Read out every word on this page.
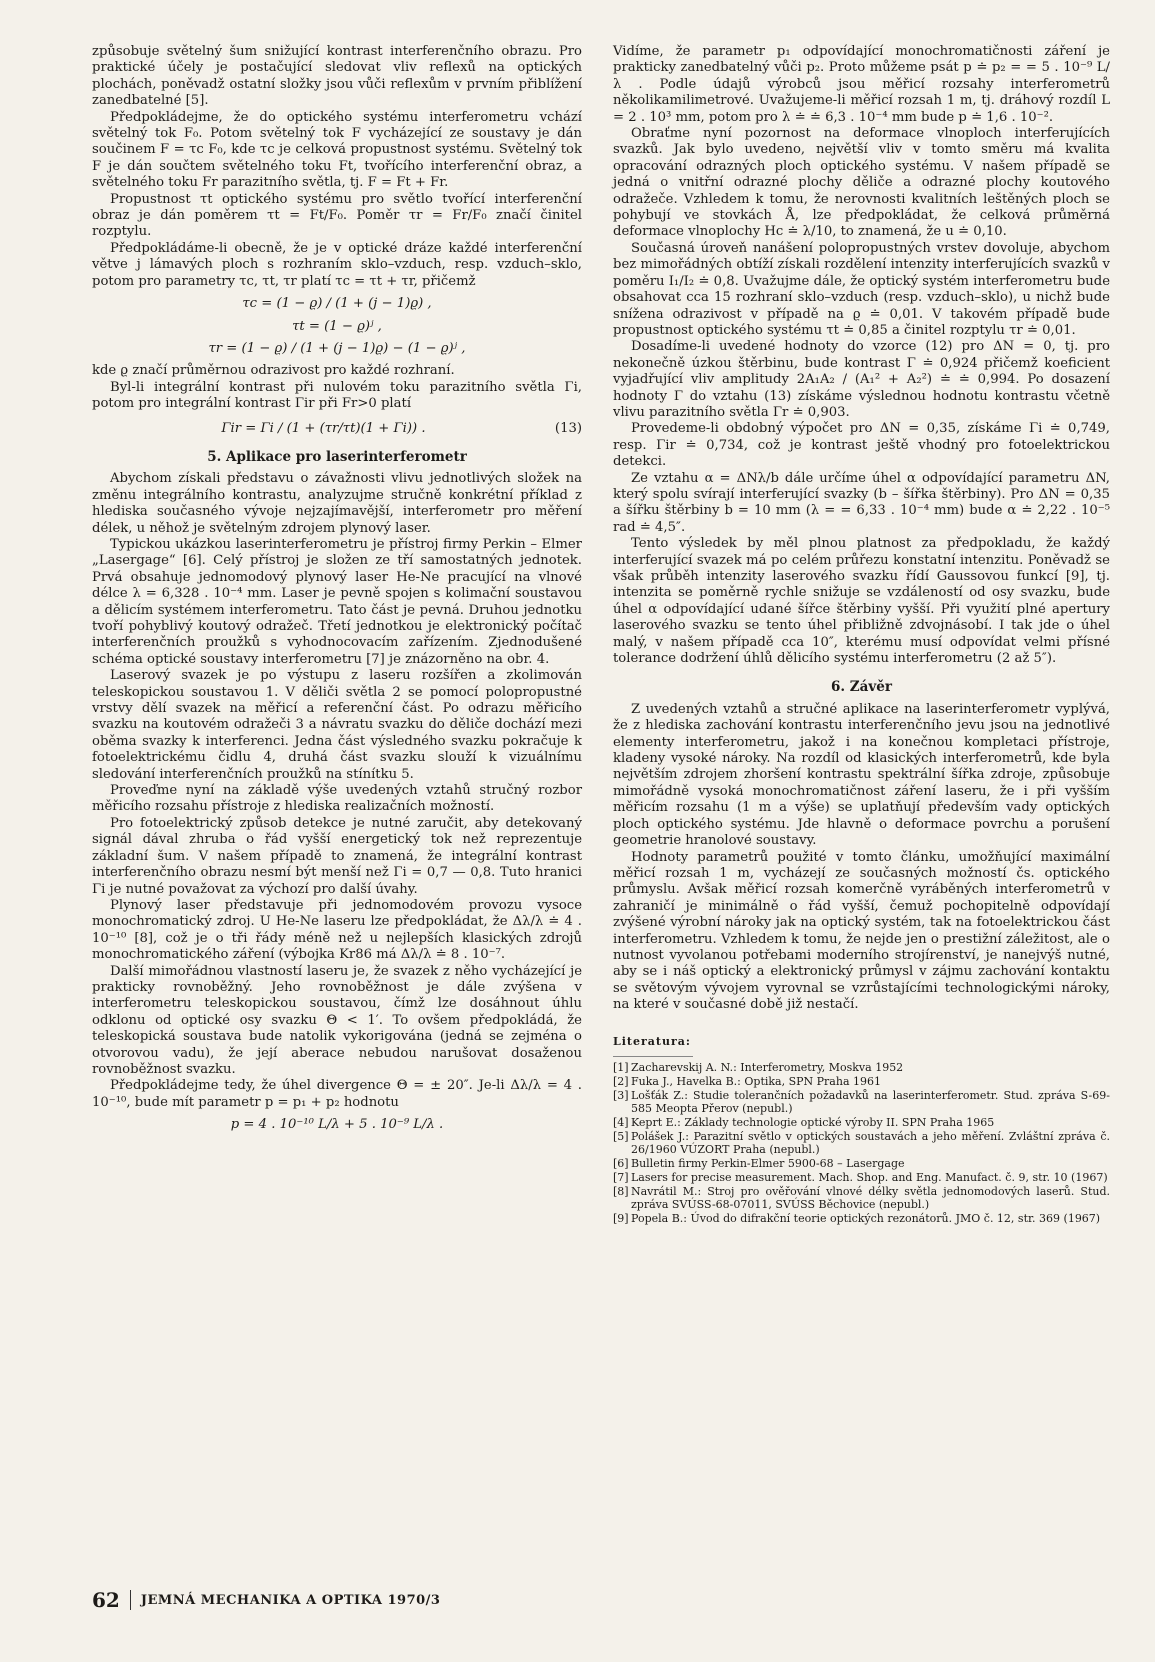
způsobuje světelný šum snižující kontrast interferenčního obrazu. Pro praktické účely je postačující sledovat vliv reflexů na optických plochách, poněvadž ostatní složky jsou vůči reflexům v prvním přiblížení zanedbatelné [5].

Předpokládejme, že do optického systému interferometru vchází světelný tok F₀. Potom světelný tok F vycházející ze soustavy je dán součinem F = τc F₀, kde τc je celková propustnost systému. Světelný tok F je dán součtem světelného toku Ft, tvořícího interferenční obraz, a světelného toku Fr parazitního světla, tj. F = Ft + Fr.

Propustnost τt optického systému pro světlo tvořící interferenční obraz je dán poměrem τt = Ft/F₀. Poměr τr = Fr/F₀ značí činitel rozptylu.

Předpokládáme-li obecně, že je v optické dráze každé interferenční větve j lámavých ploch s rozhraním sklo–vzduch, resp. vzduch–sklo, potom pro parametry τc, τt, τr platí τc = τt + τr, přičemž

τc = (1 − ϱ) / (1 + (j − 1)ϱ) ,
τt = (1 − ϱ)ʲ ,
τr = (1 − ϱ) / (1 + (j − 1)ϱ) − (1 − ϱ)ʲ ,

kde ϱ značí průměrnou odrazivost pro každé rozhraní.

Byl-li integrální kontrast při nulovém toku parazitního světla Γi, potom pro integrální kontrast Γir při Fr>0 platí

Γir = Γi / (1 + (τr/τt)(1 + Γi)) .	(13)
5. Aplikace pro laserinterferometr

Abychom získali představu o závažnosti vlivu jednotlivých složek na změnu integrálního kontrastu, analyzujme stručně konkrétní příklad z hlediska současného vývoje nejzajímavější, interferometr pro měření délek, u něhož je světelným zdrojem plynový laser.

Typickou ukázkou laserinterferometru je přístroj firmy Perkin – Elmer „Lasergage“ [6]. Celý přístroj je složen ze tří samostatných jednotek. Prvá obsahuje jednomodový plynový laser He-Ne pracující na vlnové délce λ = 6,328 . 10⁻⁴ mm. Laser je pevně spojen s kolimační soustavou a dělicím systémem interferometru. Tato část je pevná. Druhou jednotku tvoří pohyblivý koutový odražeč. Třetí jednotkou je elektronický počítač interferenčních proužků s vyhodnocovacím zařízením. Zjednodušené schéma optické soustavy interferometru [7] je znázorněno na obr. 4.

Laserový svazek je po výstupu z laseru rozšířen a zkolimován teleskopickou soustavou 1. V děliči světla 2 se pomocí polopropustné vrstvy dělí svazek na měřicí a referenční část. Po odrazu měřicího svazku na koutovém odražeči 3 a návratu svazku do děliče dochází mezi oběma svazky k interferenci. Jedna část výsledného svazku pokračuje k fotoelektrickému čidlu 4, druhá část svazku slouží k vizuálnímu sledování interferenčních proužků na stínítku 5.

Proveďme nyní na základě výše uvedených vztahů stručný rozbor měřicího rozsahu přístroje z hlediska realizačních možností.

Pro fotoelektrický způsob detekce je nutné zaručit, aby detekovaný signál dával zhruba o řád vyšší energetický tok než reprezentuje základní šum. V našem případě to znamená, že integrální kontrast interferenčního obrazu nesmí být menší než Γi = 0,7 — 0,8. Tuto hranici Γi je nutné považovat za výchozí pro další úvahy.

Plynový laser představuje při jednomodovém provozu vysoce monochromatický zdroj. U He-Ne laseru lze předpokládat, že Δλ/λ ≐ 4 . 10⁻¹⁰ [8], což je o tři řády méně než u nejlepších klasických zdrojů monochromatického záření (výbojka Kr86 má Δλ/λ ≐ 8 . 10⁻⁷.

Další mimořádnou vlastností laseru je, že svazek z něho vycházející je prakticky rovnoběžný. Jeho rovnoběžnost je dále zvýšena v interferometru teleskopickou soustavou, čímž lze dosáhnout úhlu odklonu od optické osy svazku Θ < 1′. To ovšem předpokládá, že teleskopická soustava bude natolik vykorigována (jedná se zejména o otvorovou vadu), že její aberace nebudou narušovat dosaženou rovnoběžnost svazku.

Předpokládejme tedy, že úhel divergence Θ = ± 20″. Je-li Δλ/λ = 4 . 10⁻¹⁰, bude mít parametr p = p₁ + p₂ hodnotu

p = 4 . 10⁻¹⁰ L/λ + 5 . 10⁻⁹ L/λ .

Vidíme, že parametr p₁ odpovídající monochromatičnosti záření je prakticky zanedbatelný vůči p₂. Proto můžeme psát p ≐ p₂ = = 5 . 10⁻⁹ L/λ . Podle údajů výrobců jsou měřicí rozsahy interferometrů několikamilimetrové. Uvažujeme-li měřicí rozsah 1 m, tj. dráhový rozdíl L = 2 . 10³ mm, potom pro λ ≐ ≐ 6,3 . 10⁻⁴ mm bude p ≐ 1,6 . 10⁻².

Obraťme nyní pozornost na deformace vlnoploch interferujících svazků. Jak bylo uvedeno, největší vliv v tomto směru má kvalita opracování odrazných ploch optického systému. V našem případě se jedná o vnitřní odrazné plochy děliče a odrazné plochy koutového odražeče. Vzhledem k tomu, že nerovnosti kvalitních leštěných ploch se pohybují ve stovkách Å, lze předpokládat, že celková průměrná deformace vlnoplochy Hc ≐ λ/10, to znamená, že u ≐ 0,10.

Současná úroveň nanášení polopropustných vrstev dovoluje, abychom bez mimořádných obtíží získali rozdělení intenzity interferujících svazků v poměru I₁/I₂ ≐ 0,8. Uvažujme dále, že optický systém interferometru bude obsahovat cca 15 rozhraní sklo–vzduch (resp. vzduch–sklo), u nichž bude snížena odrazivost v případě na ϱ ≐ 0,01. V takovém případě bude propustnost optického systému τt ≐ 0,85 a činitel rozptylu τr ≐ 0,01.

Dosadíme-li uvedené hodnoty do vzorce (12) pro ΔN = 0, tj. pro nekonečně úzkou štěrbinu, bude kontrast Γ ≐ 0,924 přičemž koeficient vyjadřující vliv amplitudy 2A₁A₂ / (A₁² + A₂²) ≐ ≐ 0,994. Po dosazení hodnoty Γ do vztahu (13) získáme výslednou hodnotu kontrastu včetně vlivu parazitního světla Γr ≐ 0,903.

Provedeme-li obdobný výpočet pro ΔN = 0,35, získáme Γi ≐ 0,749, resp. Γir ≐ 0,734, což je kontrast ještě vhodný pro fotoelektrickou detekci.

Ze vztahu α = ΔNλ/b dále určíme úhel α odpovídající parametru ΔN, který spolu svírají interferující svazky (b – šířka štěrbiny). Pro ΔN = 0,35 a šířku štěrbiny b = 10 mm (λ = = 6,33 . 10⁻⁴ mm) bude α ≐ 2,22 . 10⁻⁵ rad ≐ 4,5″.

Tento výsledek by měl plnou platnost za předpokladu, že každý interferující svazek má po celém průřezu konstatní intenzitu. Poněvadž se však průběh intenzity laserového svazku řídí Gaussovou funkcí [9], tj. intenzita se poměrně rychle snižuje se vzdáleností od osy svazku, bude úhel α odpovídající udané šířce štěrbiny vyšší. Při využití plné apertury laserového svazku se tento úhel přibližně zdvojnásobí. I tak jde o úhel malý, v našem případě cca 10″, kterému musí odpovídat velmi přísné tolerance dodržení úhlů dělicího systému interferometru (2 až 5″).

6. Závěr

Z uvedených vztahů a stručné aplikace na laserinterferometr vyplývá, že z hlediska zachování kontrastu interferenčního jevu jsou na jednotlivé elementy interferometru, jakož i na konečnou kompletaci přístroje, kladeny vysoké nároky. Na rozdíl od klasických interferometrů, kde byla největším zdrojem zhoršení kontrastu spektrální šířka zdroje, způsobuje mimořádně vysoká monochromatičnost záření laseru, že i při vyšším měřicím rozsahu (1 m a výše) se uplatňují především vady optických ploch optického systému. Jde hlavně o deformace povrchu a porušení geometrie hranolové soustavy.

Hodnoty parametrů použité v tomto článku, umožňující maximální měřicí rozsah 1 m, vycházejí ze současných možností čs. optického průmyslu. Avšak měřicí rozsah komerčně vyráběných interferometrů v zahraničí je minimálně o řád vyšší, čemuž pochopitelně odpovídají zvýšené výrobní nároky jak na optický systém, tak na fotoelektrickou část interferometru. Vzhledem k tomu, že nejde jen o prestižní záležitost, ale o nutnost vyvolanou potřebami moderního strojírenství, je nanejvýš nutné, aby se i náš optický a elektronický průmysl v zájmu zachování kontaktu se světovým vývojem vyrovnal se vzrůstajícími technologickými nároky, na které v současné době již nestačí.

Literatura:
[1] Zacharevskij A. N.: Interferometry, Moskva 1952
[2] Fuka J., Havelka B.: Optika, SPN Praha 1961
[3] Lošťák Z.: Studie tolerančních požadavků na laserinterferometr. Stud. zpráva S-69-585 Meopta Přerov (nepubl.)
[4] Keprt E.: Základy technologie optické výroby II. SPN Praha 1965
[5] Polášek J.: Parazitní světlo v optických soustavách a jeho měření. Zvláštní zpráva č. 26/1960 VÚZORT Praha (nepubl.)
[6] Bulletin firmy Perkin-Elmer 5900-68 – Lasergage
[7] Lasers for precise measurement. Mach. Shop. and Eng. Manufact. č. 9, str. 10 (1967)
[8] Navrátil M.: Stroj pro ověřování vlnové délky světla jednomodových laserů. Stud. zpráva SVÚSS-68-07011, SVÚSS Běchovice (nepubl.)
[9] Popela B.: Úvod do difrakční teorie optických rezonátorů. JMO č. 12, str. 369 (1967)
62 JEMNÁ MECHANIKA A OPTIKA 1970/3
